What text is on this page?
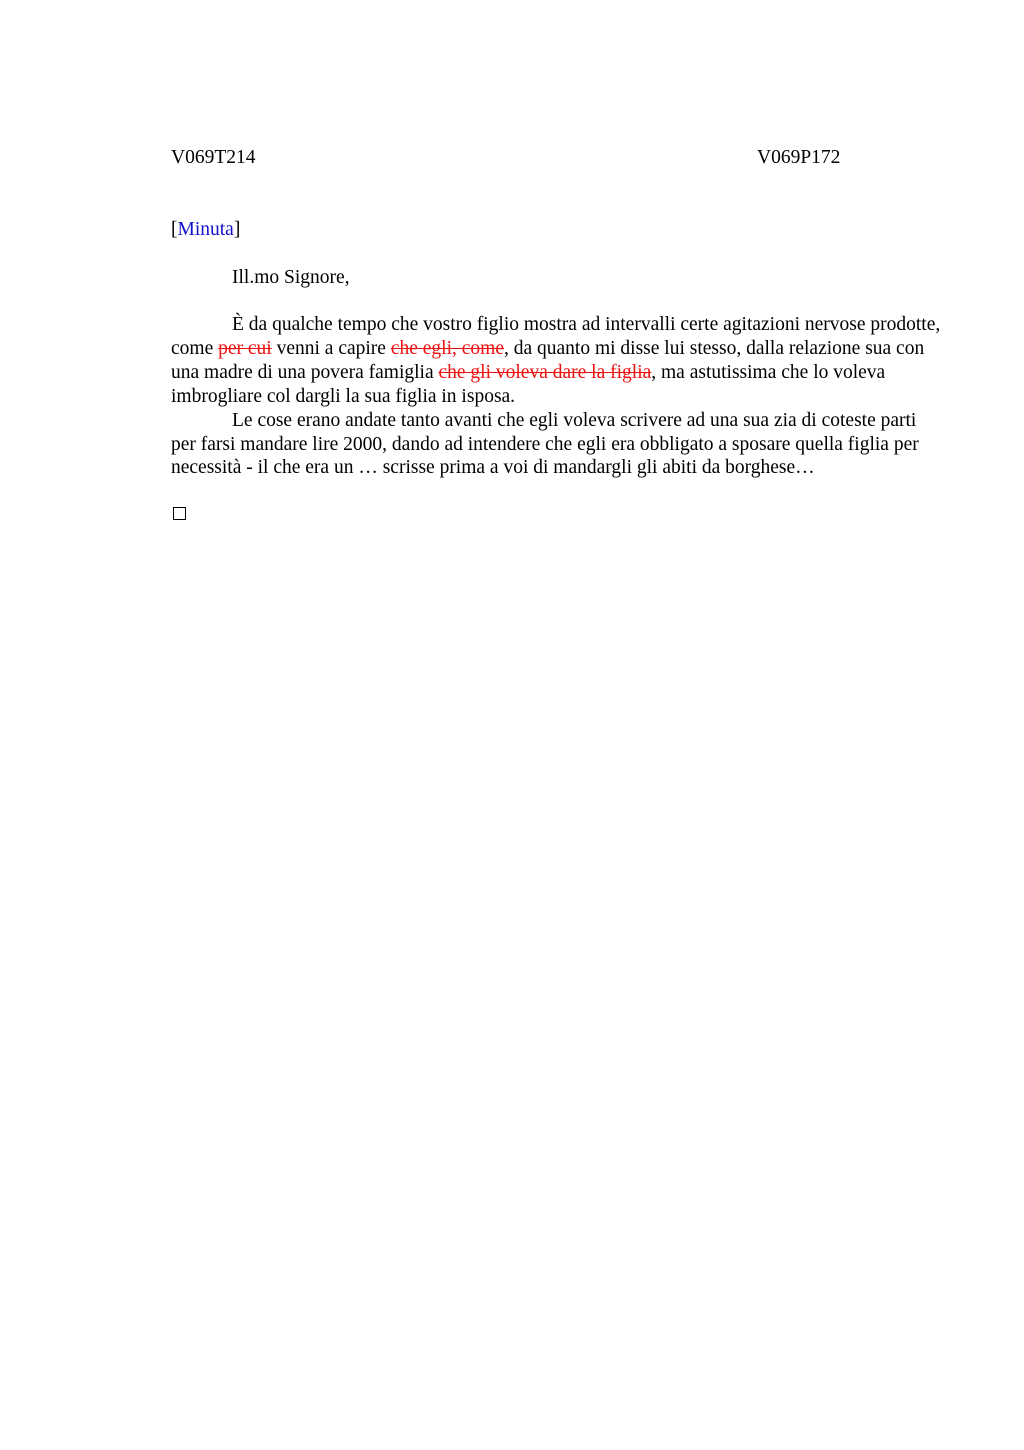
V069T214	V069P172
[Minuta]
Ill.mo Signore,

È da qualche tempo che vostro figlio mostra ad intervalli certe agitazioni nervose prodotte, come per cui venni a capire che egli, come, da quanto mi disse lui stesso, dalla relazione sua con una madre di una povera famiglia che gli voleva dare la figlia, ma astutissima che lo voleva imbrogliare col dargli la sua figlia in isposa.

Le cose erano andate tanto avanti che egli voleva scrivere ad una sua zia di coteste parti per farsi mandare lire 2000, dando ad intendere che egli era obbligato a sposare quella figlia per necessità - il che era un … scrisse prima a voi di mandargli gli abiti da borghese…
